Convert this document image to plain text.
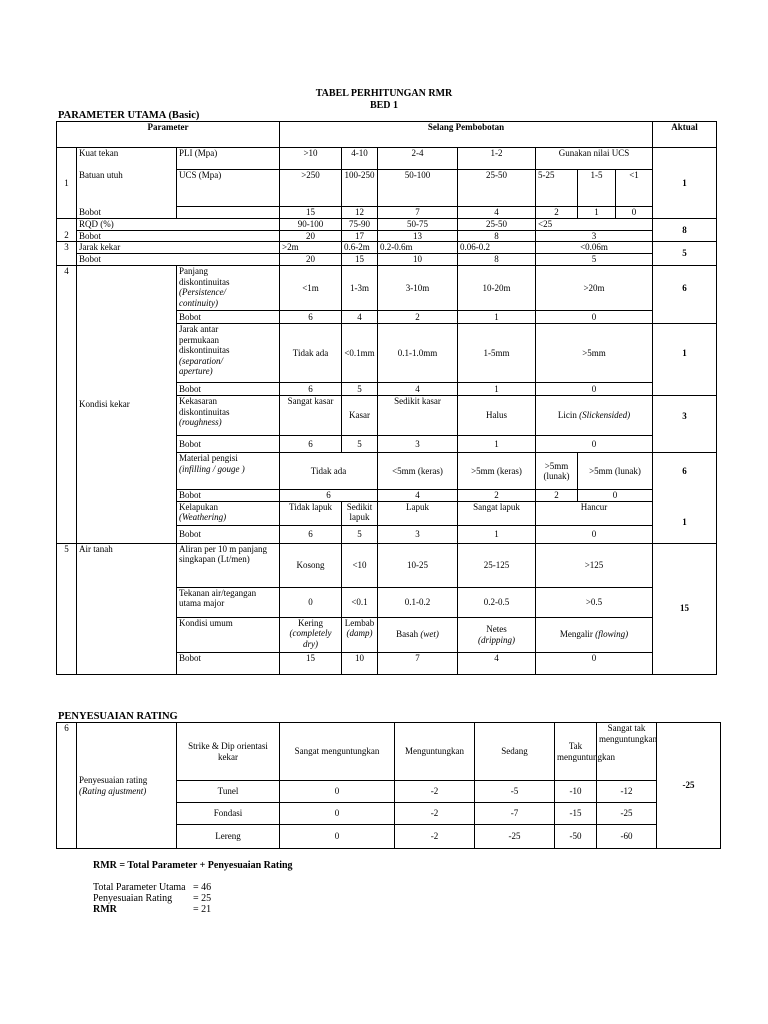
TABEL PERHITUNGAN RMR
BED 1
PARAMETER UTAMA (Basic)
Parameter			Selang Pembobotan							Aktual
1	Kuat tekan	PLI (Mpa)	>10	4-10	2-4	1-2	Gunakan nilai UCS			1
	Batuan utuh	UCS (Mpa)	>250	100-250	50-100	25-50	5-25	1-5	<1	
	Bobot		15	12	7	4	2	1	0	
	RQD (%)		90-100	75-90	50-75	25-50	<25			8
2	Bobot		20	17	13	8	3			
3	Jarak kekar		>2m	0.6-2m	0.2-0.6m	0.06-0.2	<0.06m			5
	Bobot		20	15	10	8	5			
4	Kondisi kekar	Panjang
diskontinuitas
(Persistence/
continuity)	<1m	1-3m	3-10m	10-20m	>20m			6
		Bobot	6	4	2	1	0			
		Jarak antar
permukaan
diskontinuitas
(separation/
aperture)	Tidak ada	<0.1mm	0.1-1.0mm	1-5mm	>5mm			1
		Bobot	6	5	4	1	0			
		Kekasaran
diskontinuitas
(roughness)	Sangat kasar	Kasar	Sedikit kasar	Halus	Licin (Slickensided)			3
		Bobot	6	5	3	1	0			
		Material pengisi
(infilling / gouge )	Tidak ada		<5mm (keras)	>5mm (keras)	>5mm (lunak)	>5mm (lunak)		6
		Bobot	6		4	2	2	0		
		Kelapukan
(Weathering)	Tidak lapuk	Sedikit lapuk	Lapuk	Sangat lapuk	Hancur			1
		Bobot	6	5	3	1	0			
5	Air tanah	Aliran per 10 m panjang singkapan (Lt/men)	Kosong	<10	10-25	25-125	>125			15
		Tekanan air/tegangan utama major	0	<0.1	0.1-0.2	0.2-0.5	>0.5			
		Kondisi umum	Kering
(completely dry)	Lembab
(damp)	Basah (wet)	Netes
(dripping)	Mengalir (flowing)			
		Bobot	15	10	7	4	0			
PENYESUAIAN RATING
6	Penyesuaian rating
(Rating ajustment)	Strike & Dip orientasi kekar	Sangat menguntungkan	Menguntungkan	Sedang	Tak menguntungkan	Sangat tak menguntungkan	-25
		Tunel	0	-2	-5	-10	-12	
		Fondasi	0	-2	-7	-15	-25	
		Lereng	0	-2	-25	-50	-60	
RMR = Total Parameter + Penyesuaian Rating
Total Parameter Utama = 46
Penyesuaian Rating = 25
RMR	= 21
